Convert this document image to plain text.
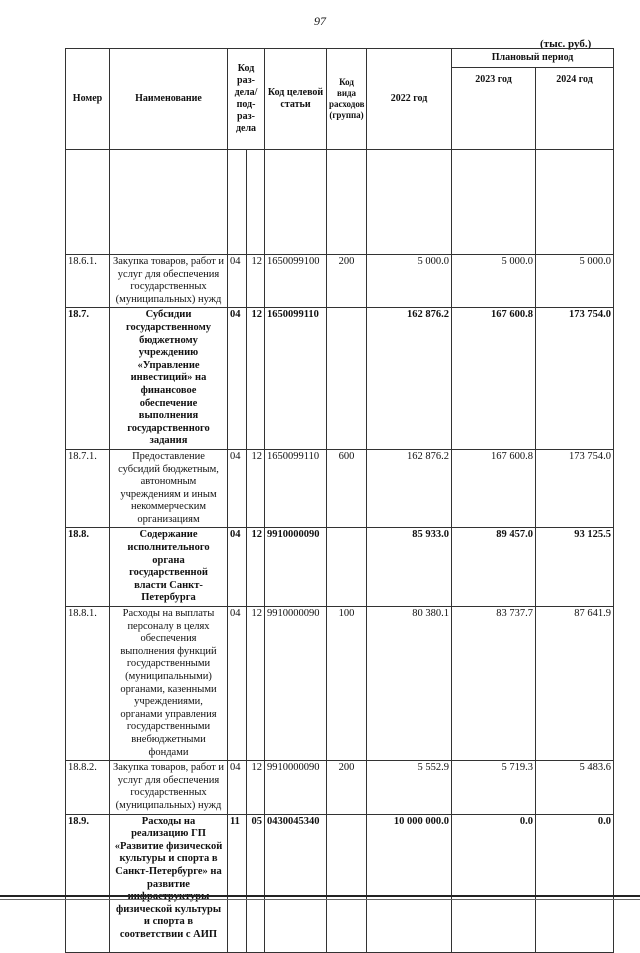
97
(тыс. руб.)
Номер	Наименование	Код раз-дела/ под-раз-дела		Код целевой статьи	Код вида расходов (группа)	2022 год	Плановый период	
							2023 год	2024 год

18.6.1.	Закупка товаров, работ и услуг для обеспечения государственных (муниципальных) нужд	04	12	1650099100	200	5 000.0	5 000.0	5 000.0
18.7.	Субсидии государственному бюджетному учреждению «Управление инвестиций» на финансовое обеспечение выполнения государственного задания	04	12	1650099110		162 876.2	167 600.8	173 754.0
18.7.1.	Предоставление субсидий бюджетным, автономным учреждениям и иным некоммерческим организациям	04	12	1650099110	600	162 876.2	167 600.8	173 754.0
18.8.	Содержание исполнительного органа государственной власти Санкт-Петербурга	04	12	9910000090		85 933.0	89 457.0	93 125.5
18.8.1.	Расходы на выплаты персоналу в целях обеспечения выполнения функций государственными (муниципальными) органами, казенными учреждениями, органами управления государственными внебюджетными фондами	04	12	9910000090	100	80 380.1	83 737.7	87 641.9
18.8.2.	Закупка товаров, работ и услуг для обеспечения государственных (муниципальных) нужд	04	12	9910000090	200	5 552.9	5 719.3	5 483.6
18.9.	Расходы на реализацию ГП «Развитие физической культуры и спорта в Санкт-Петербурге» на развитие физической культуры и спорта в соответствии с АИП	11	05	0430045340		10 000 000.0	0.0	0.0
